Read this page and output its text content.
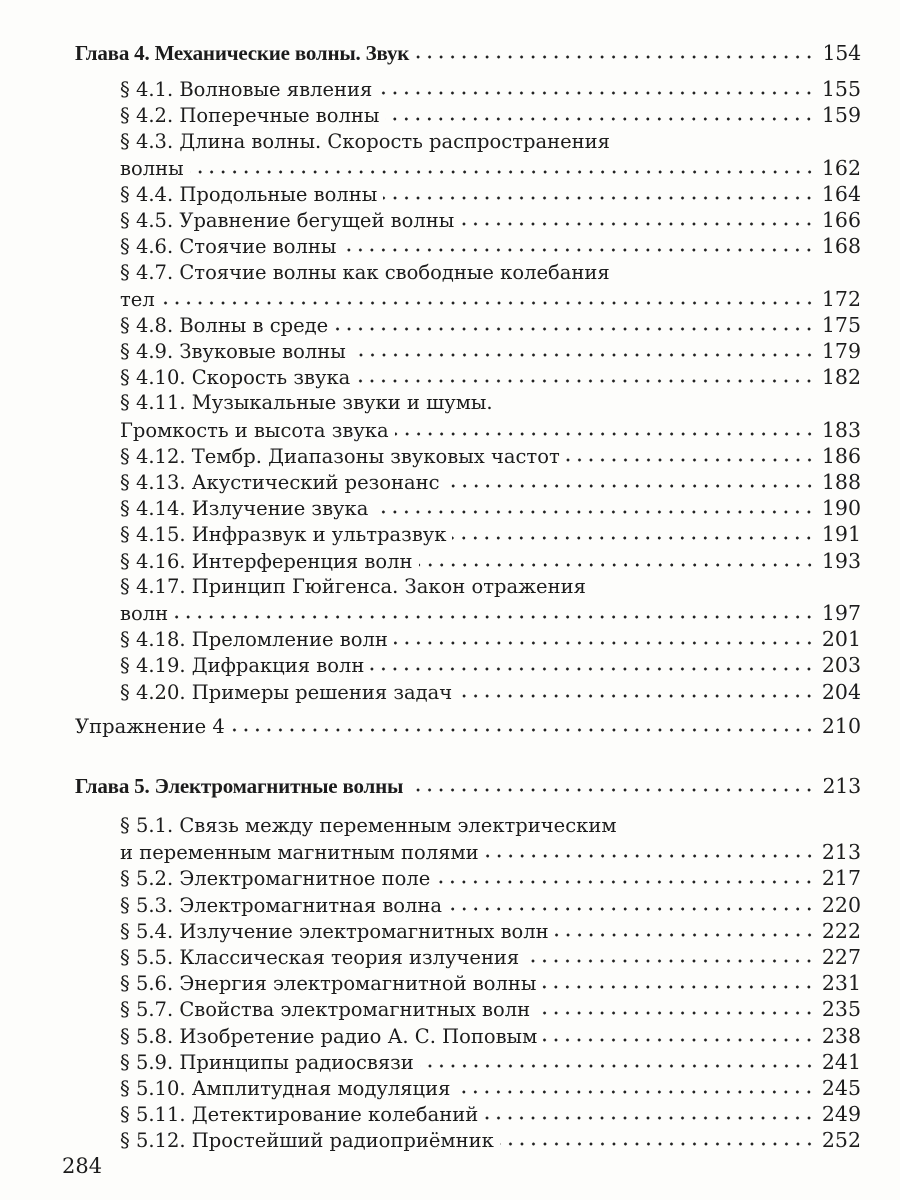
Глава 4. Механические волны. Звук	154
§ 4.1. Волновые явления	155
§ 4.2. Поперечные волны	159
§ 4.3. Длина волны. Скорость распространения
волны	162
§ 4.4. Продольные волны	164
§ 4.5. Уравнение бегущей волны	166
§ 4.6. Стоячие волны	168
§ 4.7. Стоячие волны как свободные колебания
тел	172
§ 4.8. Волны в среде	175
§ 4.9. Звуковые волны	179
§ 4.10. Скорость звука	182
§ 4.11. Музыкальные звуки и шумы.
Громкость и высота звука	183
§ 4.12. Тембр. Диапазоны звуковых частот	186
§ 4.13. Акустический резонанс	188
§ 4.14. Излучение звука	190
§ 4.15. Инфразвук и ультразвук	191
§ 4.16. Интерференция волн	193
§ 4.17. Принцип Гюйгенса. Закон отражения
волн	197
§ 4.18. Преломление волн	201
§ 4.19. Дифракция волн	203
§ 4.20. Примеры решения задач	204
Упражнение 4	210
Глава 5. Электромагнитные волны	213
§ 5.1. Связь между переменным электрическим
и переменным магнитным полями	213
§ 5.2. Электромагнитное поле	217
§ 5.3. Электромагнитная волна	220
§ 5.4. Излучение электромагнитных волн	222
§ 5.5. Классическая теория излучения	227
§ 5.6. Энергия электромагнитной волны	231
§ 5.7. Свойства электромагнитных волн	235
§ 5.8. Изобретение радио А. С. Поповым	238
§ 5.9. Принципы радиосвязи	241
§ 5.10. Амплитудная модуляция	245
§ 5.11. Детектирование колебаний	249
§ 5.12. Простейший радиоприёмник	252
284
